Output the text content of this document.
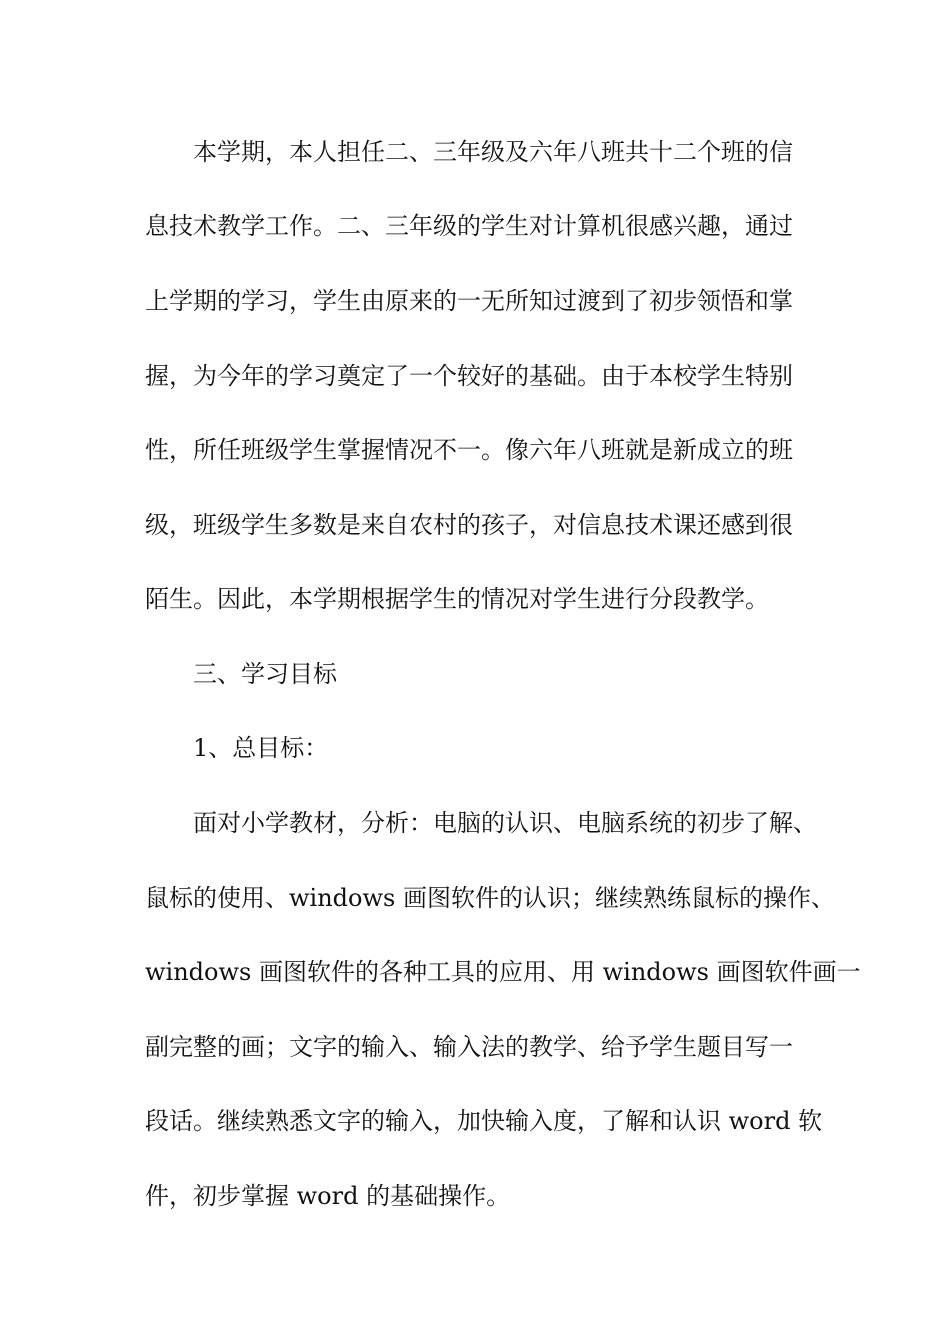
本学期，本人担任二、三年级及六年八班共十二个班的信
息技术教学工作。二、三年级的学生对计算机很感兴趣，通过
上学期的学习，学生由原来的一无所知过渡到了初步领悟和掌
握，为今年的学习奠定了一个较好的基础。由于本校学生特别
性，所任班级学生掌握情况不一。像六年八班就是新成立的班
级，班级学生多数是来自农村的孩子，对信息技术课还感到很
陌生。因此，本学期根据学生的情况对学生进行分段教学。
三、学习目标
1、总目标：
面对小学教材，分析：电脑的认识、电脑系统的初步了解、
鼠标的使用、windows 画图软件的认识；继续熟练鼠标的操作、
windows 画图软件的各种工具的应用、用 windows 画图软件画一
副完整的画；文字的输入、输入法的教学、给予学生题目写一
段话。继续熟悉文字的输入，加快输入度，了解和认识 word 软
件，初步掌握 word 的基础操作。
